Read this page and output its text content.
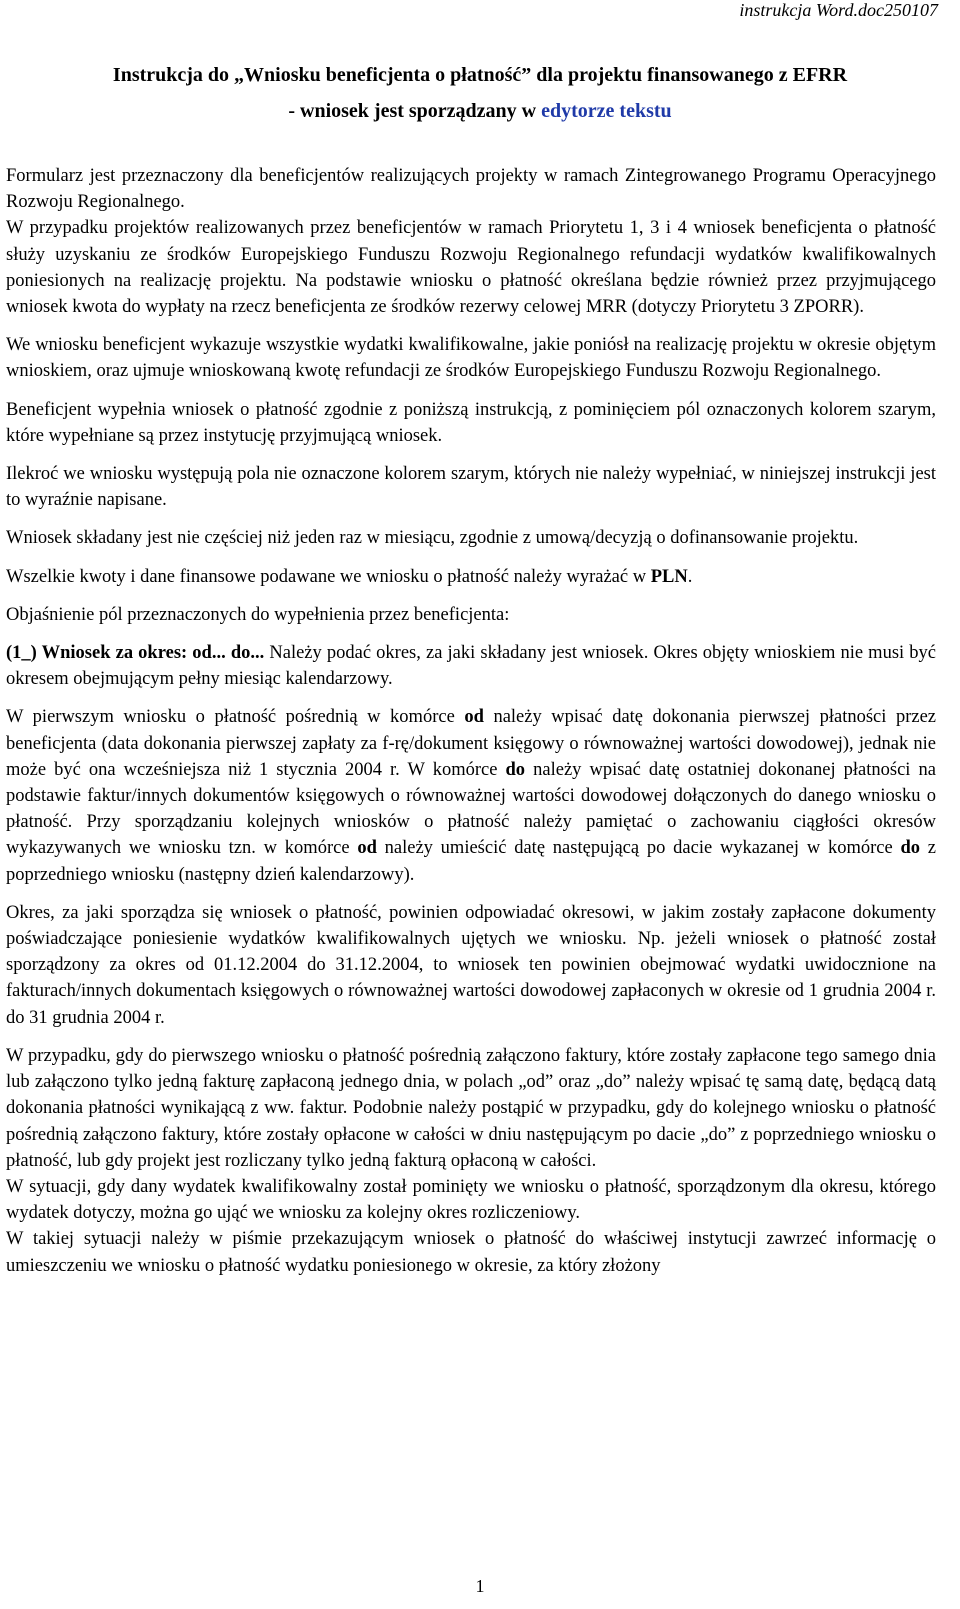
instrukcja Word.doc250107
Instrukcja do „Wniosku beneficjenta o płatność” dla projektu finansowanego z EFRR
- wniosek jest sporządzany w edytorze tekstu

Formularz jest przeznaczony dla beneficjentów realizujących projekty w ramach Zintegrowanego Programu Operacyjnego Rozwoju Regionalnego.

W przypadku projektów realizowanych przez beneficjentów w ramach Priorytetu 1, 3 i 4 wniosek beneficjenta o płatność służy uzyskaniu ze środków Europejskiego Funduszu Rozwoju Regionalnego refundacji wydatków kwalifikowalnych poniesionych na realizację projektu. Na podstawie wniosku o płatność określana będzie również przez przyjmującego wniosek kwota do wypłaty na rzecz beneficjenta ze środków rezerwy celowej MRR (dotyczy Priorytetu 3 ZPORR).

We wniosku beneficjent wykazuje wszystkie wydatki kwalifikowalne, jakie poniósł na realizację projektu w okresie objętym wnioskiem, oraz ujmuje wnioskowaną kwotę refundacji ze środków Europejskiego Funduszu Rozwoju Regionalnego.

Beneficjent wypełnia wniosek o płatność zgodnie z poniższą instrukcją, z pominięciem pól oznaczonych kolorem szarym, które wypełniane są przez instytucję przyjmującą wniosek.

Ilekroć we wniosku występują pola nie oznaczone kolorem szarym, których nie należy wypełniać, w niniejszej instrukcji jest to wyraźnie napisane.

Wniosek składany jest nie częściej niż jeden raz w miesiącu, zgodnie z umową/decyzją o dofinansowanie projektu.

Wszelkie kwoty i dane finansowe podawane we wniosku o płatność należy wyrażać w PLN.

Objaśnienie pól przeznaczonych do wypełnienia przez beneficjenta:

(1_) Wniosek za okres: od... do... Należy podać okres, za jaki składany jest wniosek. Okres objęty wnioskiem nie musi być okresem obejmującym pełny miesiąc kalendarzowy.

W pierwszym wniosku o płatność pośrednią w komórce od należy wpisać datę dokonania pierwszej płatności przez beneficjenta (data dokonania pierwszej zapłaty za f-rę/dokument księgowy o równoważnej wartości dowodowej), jednak nie może być ona wcześniejsza niż 1 stycznia 2004 r. W komórce do należy wpisać datę ostatniej dokonanej płatności na podstawie faktur/innych dokumentów księgowych o równoważnej wartości dowodowej dołączonych do danego wniosku o płatność. Przy sporządzaniu kolejnych wniosków o płatność należy pamiętać o zachowaniu ciągłości okresów wykazywanych we wniosku tzn. w komórce od należy umieścić datę następującą po dacie wykazanej w komórce do z poprzedniego wniosku (następny dzień kalendarzowy).

Okres, za jaki sporządza się wniosek o płatność, powinien odpowiadać okresowi, w jakim zostały zapłacone dokumenty poświadczające poniesienie wydatków kwalifikowalnych ujętych we wniosku. Np. jeżeli wniosek o płatność został sporządzony za okres od 01.12.2004 do 31.12.2004, to wniosek ten powinien obejmować wydatki uwidocznione na fakturach/innych dokumentach księgowych o równoważnej wartości dowodowej zapłaconych w okresie od 1 grudnia 2004 r. do 31 grudnia 2004 r.

W przypadku, gdy do pierwszego wniosku o płatność pośrednią załączono faktury, które zostały zapłacone tego samego dnia lub załączono tylko jedną fakturę zapłaconą jednego dnia, w polach „od” oraz „do” należy wpisać tę samą datę, będącą datą dokonania płatności wynikającą z ww. faktur. Podobnie należy postąpić w przypadku, gdy do kolejnego wniosku o płatność pośrednią załączono faktury, które zostały opłacone w całości w dniu następującym po dacie „do” z poprzedniego wniosku o płatność, lub gdy projekt jest rozliczany tylko jedną fakturą opłaconą w całości.

W sytuacji, gdy dany wydatek kwalifikowalny został pominięty we wniosku o płatność, sporządzonym dla okresu, którego wydatek dotyczy, można go ująć we wniosku za kolejny okres rozliczeniowy.

W takiej sytuacji należy w piśmie przekazującym wniosek o płatność do właściwej instytucji zawrzeć informację o umieszczeniu we wniosku o płatność wydatku poniesionego w okresie, za który złożony

1
